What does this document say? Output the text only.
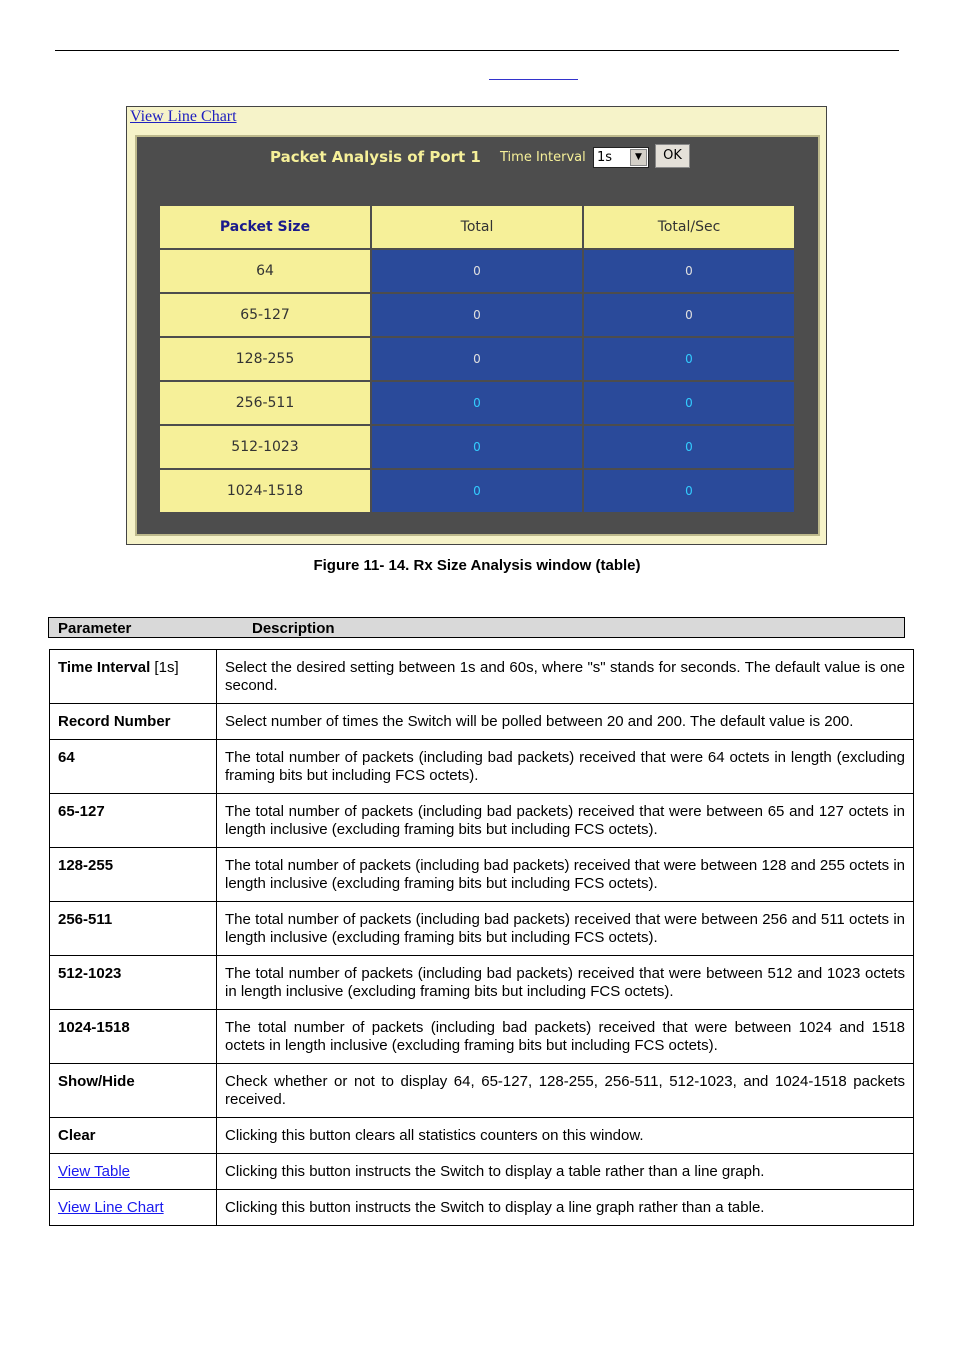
View Line Chart
Packet Analysis of Port 1 Time Interval 1s	▼	OK
Packet Size	Total	Total/Sec
64	0	0
65-127	0	0
128-255	0	0
256-511	0	0
512-1023	0	0
1024-1518	0	0
Figure 11- 14. Rx Size Analysis window (table)
Parameter	Description
Time Interval [1s]	Select the desired setting between 1s and 60s, where "s" stands for seconds. The default value is one second.
Record Number	Select number of times the Switch will be polled between 20 and 200. The default value is 200.
64	The total number of packets (including bad packets) received that were 64 octets in length (excluding framing bits but including FCS octets).
65-127	The total number of packets (including bad packets) received that were between 65 and 127 octets in length inclusive (excluding framing bits but including FCS octets).
128-255	The total number of packets (including bad packets) received that were between 128 and 255 octets in length inclusive (excluding framing bits but including FCS octets).
256-511	The total number of packets (including bad packets) received that were between 256 and 511 octets in length inclusive (excluding framing bits but including FCS octets).
512-1023	The total number of packets (including bad packets) received that were between 512 and 1023 octets in length inclusive (excluding framing bits but including FCS octets).
1024-1518	The total number of packets (including bad packets) received that were between 1024 and 1518 octets in length inclusive (excluding framing bits but including FCS octets).
Show/Hide	Check whether or not to display 64, 65-127, 128-255, 256-511, 512-1023, and 1024-1518 packets received.
Clear	Clicking this button clears all statistics counters on this window.
View Table	Clicking this button instructs the Switch to display a table rather than a line graph.
View Line Chart	Clicking this button instructs the Switch to display a line graph rather than a table.
